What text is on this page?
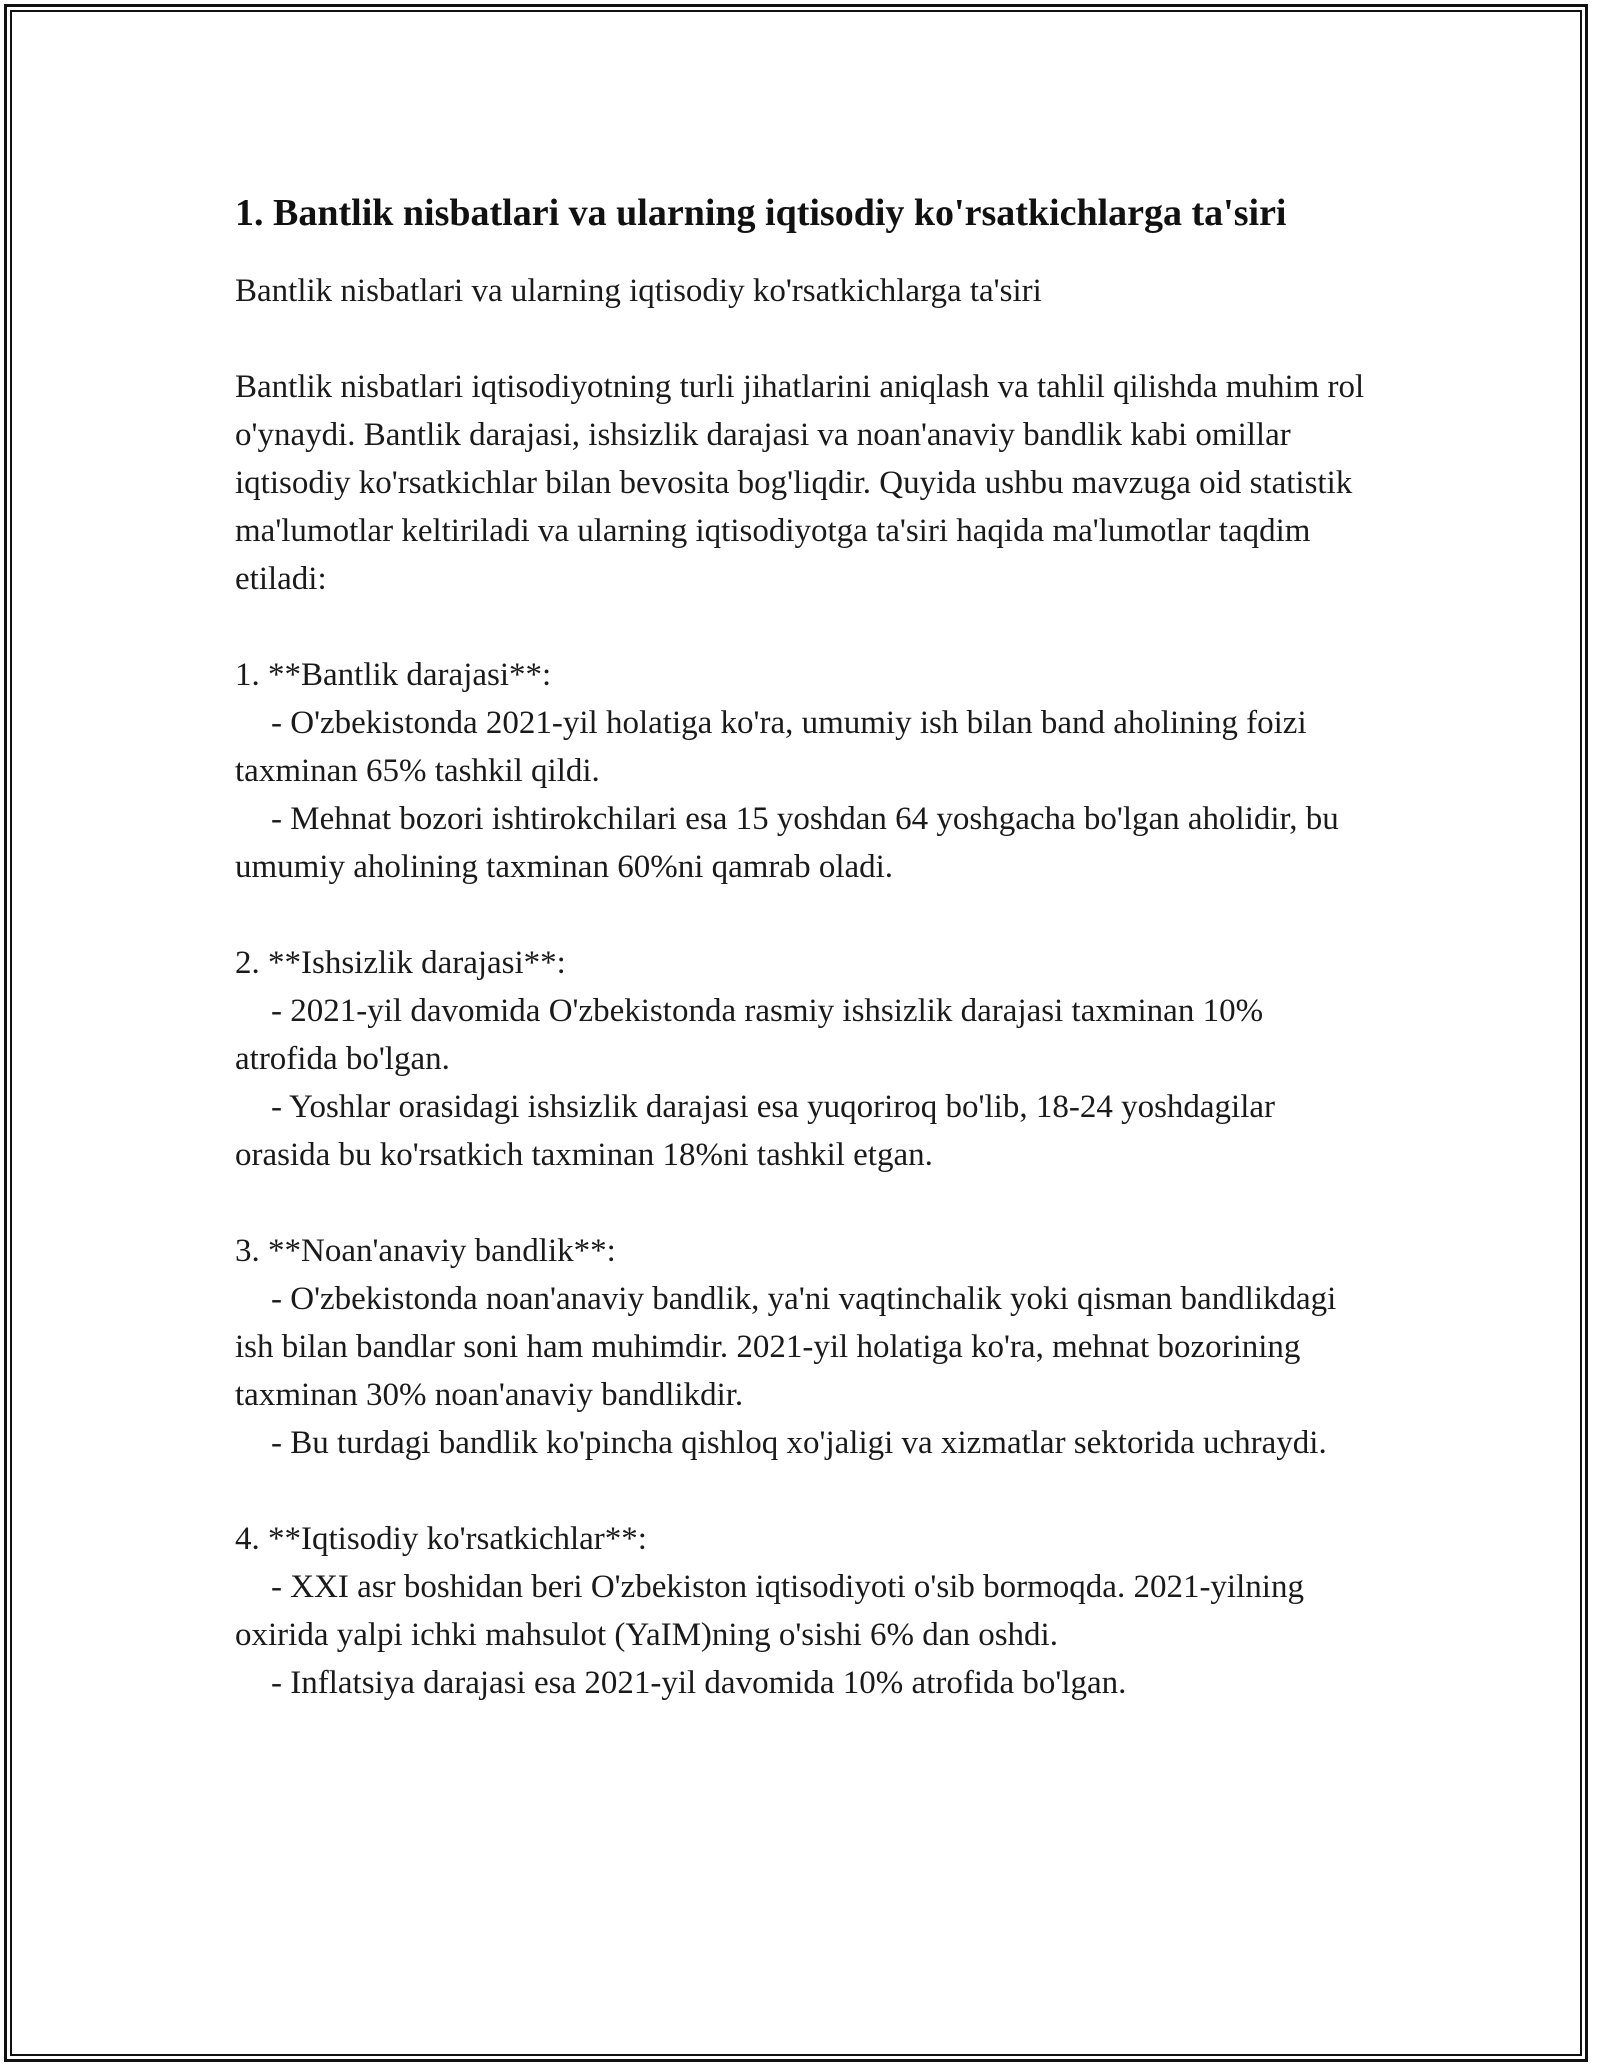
1. Bantlik nisbatlari va ularning iqtisodiy ko'rsatkichlarga ta'siri

Bantlik nisbatlari va ularning iqtisodiy ko'rsatkichlarga ta'siri

Bantlik nisbatlari iqtisodiyotning turli jihatlarini aniqlash va tahlil qilishda muhim rol o'ynaydi. Bantlik darajasi, ishsizlik darajasi va noan'anaviy bandlik kabi omillar iqtisodiy ko'rsatkichlar bilan bevosita bog'liqdir. Quyida ushbu mavzuga oid statistik ma'lumotlar keltiriladi va ularning iqtisodiyotga ta'siri haqida ma'lumotlar taqdim etiladi:

1. **Bantlik darajasi**:

- O'zbekistonda 2021-yil holatiga ko'ra, umumiy ish bilan band aholining foizi taxminan 65% tashkil qildi.

- Mehnat bozori ishtirokchilari esa 15 yoshdan 64 yoshgacha bo'lgan aholidir, bu umumiy aholining taxminan 60%ni qamrab oladi.

2. **Ishsizlik darajasi**:

- 2021-yil davomida O'zbekistonda rasmiy ishsizlik darajasi taxminan 10% atrofida bo'lgan.

- Yoshlar orasidagi ishsizlik darajasi esa yuqoriroq bo'lib, 18-24 yoshdagilar orasida bu ko'rsatkich taxminan 18%ni tashkil etgan.

3. **Noan'anaviy bandlik**:

- O'zbekistonda noan'anaviy bandlik, ya'ni vaqtinchalik yoki qisman bandlikdagi ish bilan bandlar soni ham muhimdir. 2021-yil holatiga ko'ra, mehnat bozorining taxminan 30% noan'anaviy bandlikdir.

- Bu turdagi bandlik ko'pincha qishloq xo'jaligi va xizmatlar sektorida uchraydi.

4. **Iqtisodiy ko'rsatkichlar**:

- XXI asr boshidan beri O'zbekiston iqtisodiyoti o'sib bormoqda. 2021-yilning oxirida yalpi ichki mahsulot (YaIM)ning o'sishi 6% dan oshdi.

- Inflatsiya darajasi esa 2021-yil davomida 10% atrofida bo'lgan.
